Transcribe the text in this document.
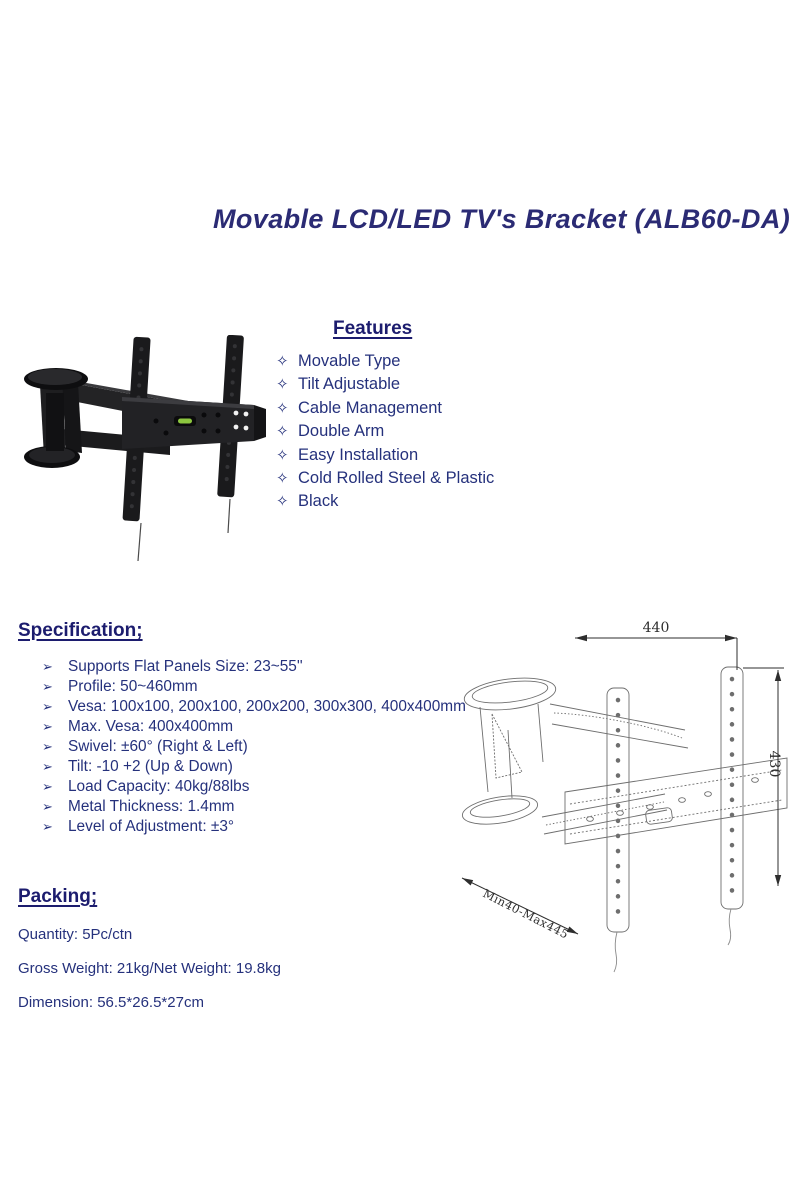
Movable LCD/LED TV's Bracket (ALB60-DA)
Features
✧ Movable Type
✧ Tilt Adjustable
✧ Cable Management
✧ Double Arm
✧ Easy Installation
✧ Cold Rolled Steel & Plastic
✧ Black
Specification;
➢ Supports Flat Panels Size: 23~55''
➢ Profile: 50~460mm
➢ Vesa: 100x100, 200x100, 200x200, 300x300, 400x400mm
➢ Max. Vesa: 400x400mm
➢ Swivel: ±60° (Right & Left)
➢ Tilt: -10 +2 (Up & Down)
➢ Load Capacity: 40kg/88lbs
➢ Metal Thickness: 1.4mm
➢ Level of Adjustment: ±3°
440
430
Min40-Max445
Packing;
Quantity: 5Pc/ctn
Gross Weight: 21kg/Net Weight: 19.8kg
Dimension: 56.5*26.5*27cm
